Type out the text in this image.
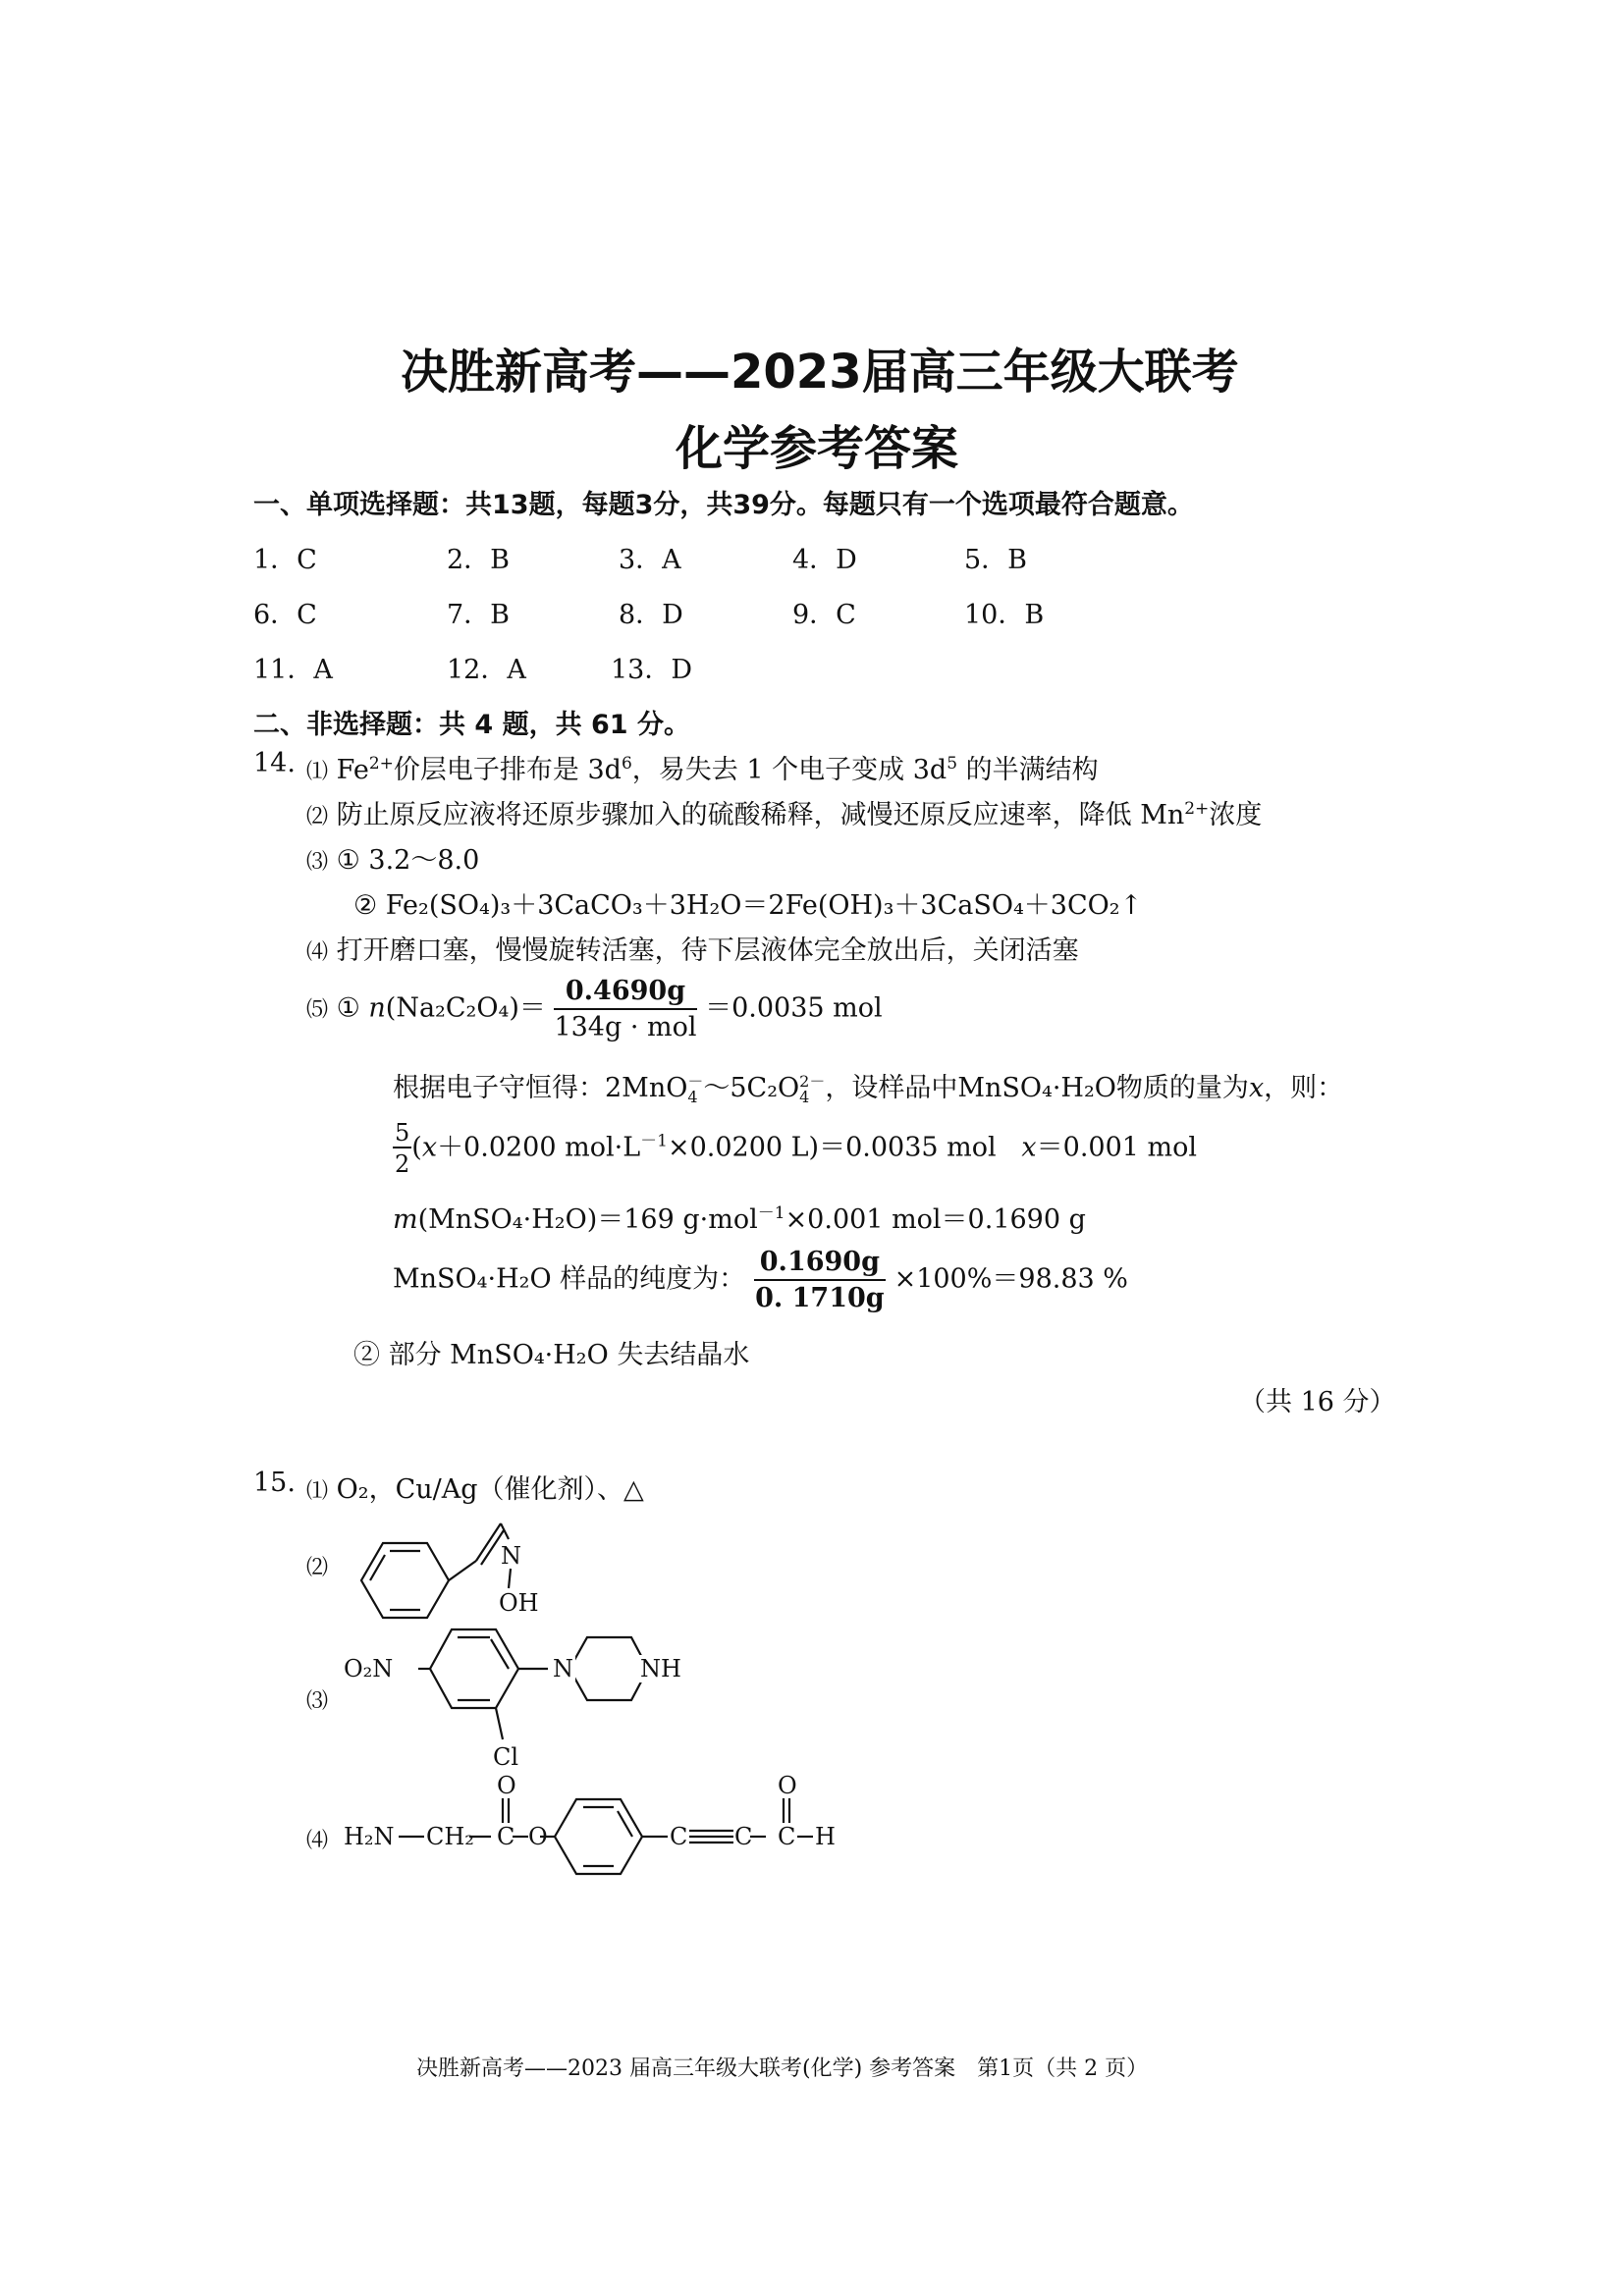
决胜新高考——2023届高三年级大联考
化学参考答案
一、单项选择题：共13题，每题3分，共39分。每题只有一个选项最符合题意。
1．C	2．B	3．A	4．D	5．B
6．C	7．B	8．D	9．C	10．B
11．A	12．A	13．D
二、非选择题：共 4 题，共 61 分。
14. ⑴ $Fe^{2+}$价层电子排布是 $3d^6$，易失去 1 个电子变成 $3d^5$ 的半满结构
⑵ 防止原反应液将还原步骤加入的硫酸稀释，减慢还原反应速率，降低 $Mn^{2+}$浓度
⑶ ① 3.2～8.0
② Fe₂(SO₄)₃＋3CaCO₃＋3H₂O＝2Fe(OH)₃＋3CaSO₄＋3CO₂↑
⑷ 打开磨口塞，慢慢旋转活塞，待下层液体完全放出后，关闭活塞
⑸ ① $n(Na_2C_2O_4)= \frac{0.4690g}{\text{134g · mol}} =0.0035$ mol
根据电子守恒得：2MnO－
4 ～5C₂O2－
4 ，设样品中MnSO₄·H₂O物质的量为x，则：
$\frac{5}{2} (x+0.0200$ $mol\cdot L^{-1}\times 0.0200$ L)＝0.0035 mol x＝0.001 mol
m(MnSO₄·H₂O)＝169 g·mol$^{-1}$×0.001 mol＝0.1690 g
MnSO₄·H₂O 样品的纯度为： $\frac{0.1690g}{0. 1710g} \times 100\%=98.83$ %
② 部分 MnSO₄·H₂O 失去结晶水
（共 16 分）
15. ⑴ O₂，Cu/Ag（催化剂）、△
⑵
⑶
⑷
N
OH
O₂N	N	NH
Cl
H₂N CH₂ C
O
O	C C C
O
H
决胜新高考——2023 届高三年级大联考(化学) 参考答案　第1页（共 2 页）
